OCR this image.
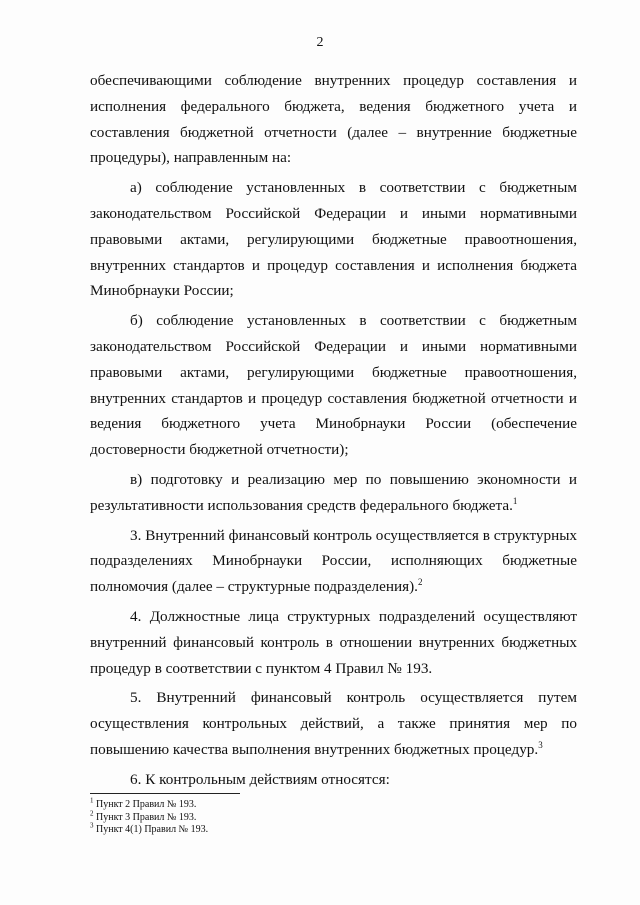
2

обеспечивающими соблюдение внутренних процедур составления и исполнения федерального бюджета, ведения бюджетного учета и составления бюджетной отчетности (далее – внутренние бюджетные процедуры), направленным на:

а) соблюдение установленных в соответствии с бюджетным законодательством Российской Федерации и иными нормативными правовыми актами, регулирующими бюджетные правоотношения, внутренних стандартов и процедур составления и исполнения бюджета Минобрнауки России;

б) соблюдение установленных в соответствии с бюджетным законодательством Российской Федерации и иными нормативными правовыми актами, регулирующими бюджетные правоотношения, внутренних стандартов и процедур составления бюджетной отчетности и ведения бюджетного учета Минобрнауки России (обеспечение достоверности бюджетной отчетности);

в) подготовку и реализацию мер по повышению экономности и результативности использования средств федерального бюджета.$^1$

3. Внутренний финансовый контроль осуществляется в структурных подразделениях Минобрнауки России, исполняющих бюджетные полномочия (далее – структурные подразделения).$^2$

4. Должностные лица структурных подразделений осуществляют внутренний финансовый контроль в отношении внутренних бюджетных процедур в соответствии с пунктом 4 Правил № 193.

5. Внутренний финансовый контроль осуществляется путем осуществления контрольных действий, а также принятия мер по повышению качества выполнения внутренних бюджетных процедур.$^3$

6. К контрольным действиям относятся:

$^1$ Пункт 2 Правил № 193.
$^2$ Пункт 3 Правил № 193.
$^3$ Пункт 4(1) Правил № 193.
